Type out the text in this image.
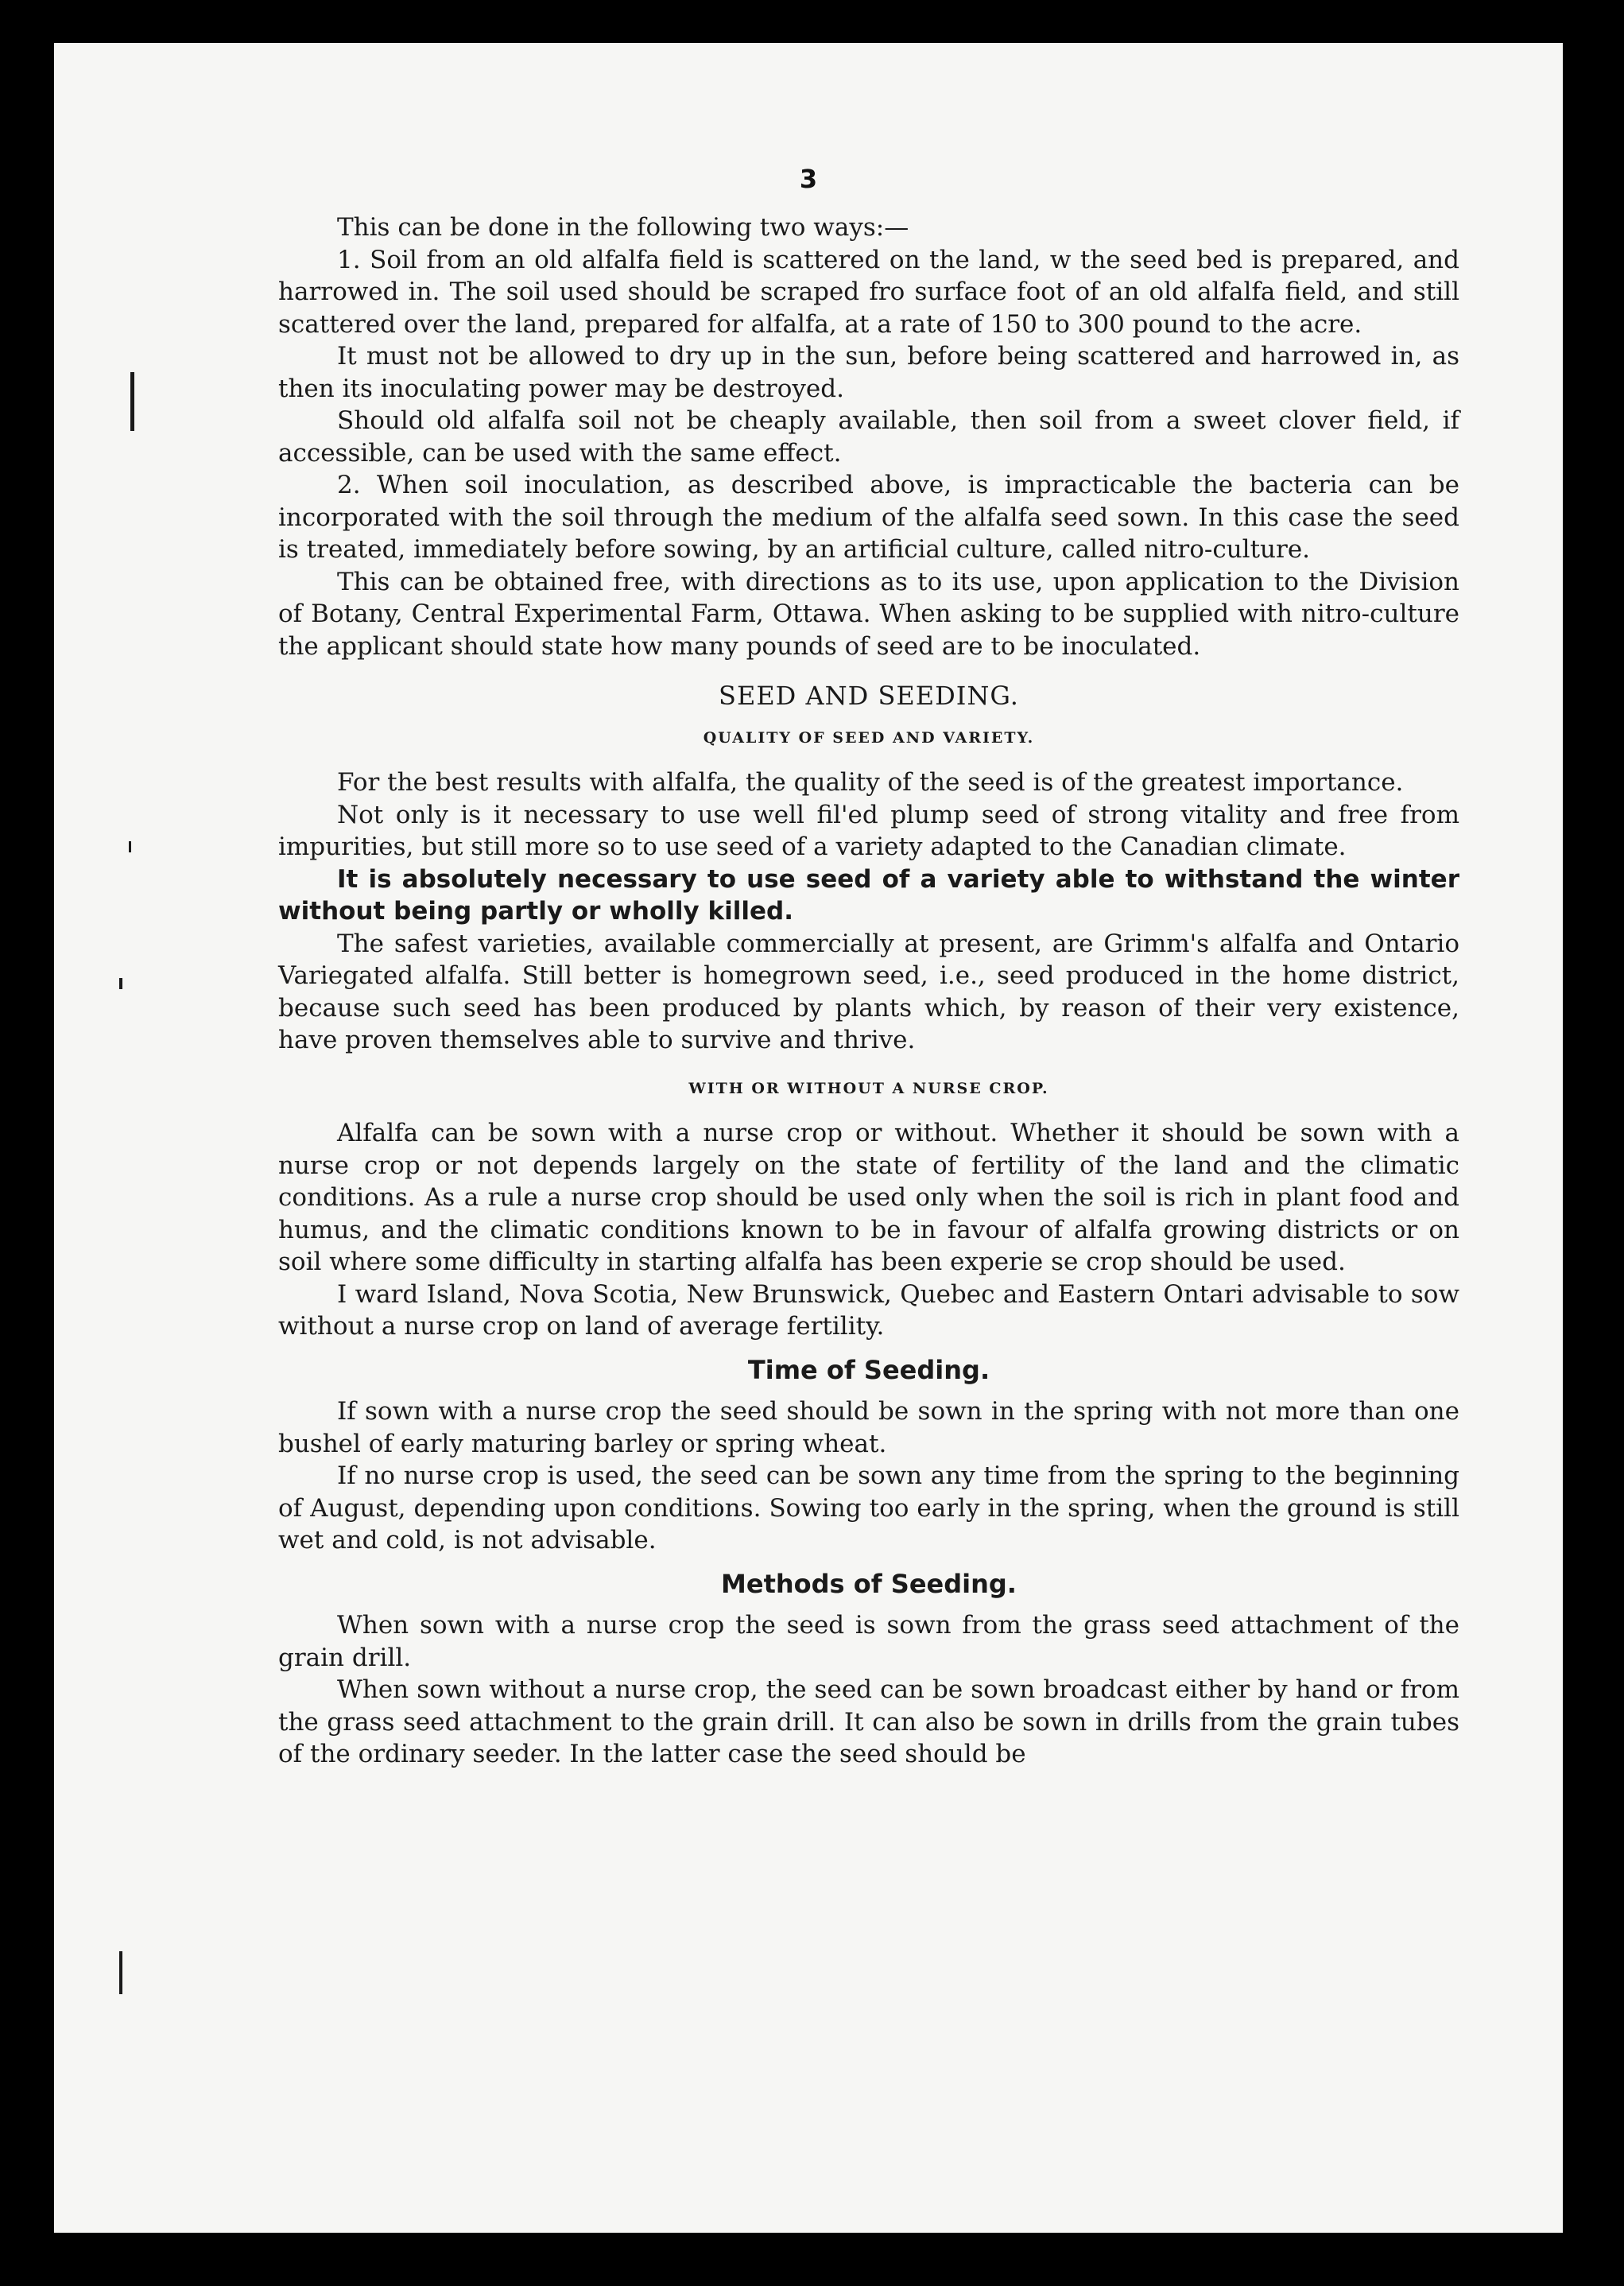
3

This can be done in the following two ways:—

1. Soil from an old alfalfa field is scattered on the land, w the seed bed is prepared, and harrowed in. The soil used should be scraped fro surface foot of an old alfalfa field, and still scattered over the land, prepared for alfalfa, at a rate of 150 to 300 pound to the acre.

It must not be allowed to dry up in the sun, before being scattered and harrowed in, as then its inoculating power may be destroyed.

Should old alfalfa soil not be cheaply available, then soil from a sweet clover field, if accessible, can be used with the same effect.

2. When soil inoculation, as described above, is impracticable the bacteria can be incorporated with the soil through the medium of the alfalfa seed sown. In this case the seed is treated, immediately before sowing, by an artificial culture, called nitro-culture.

This can be obtained free, with directions as to its use, upon application to the Division of Botany, Central Experimental Farm, Ottawa. When asking to be supplied with nitro-culture the applicant should state how many pounds of seed are to be inoculated.

SEED AND SEEDING.
QUALITY OF SEED AND VARIETY.

For the best results with alfalfa, the quality of the seed is of the greatest importance.

Not only is it necessary to use well fil'ed plump seed of strong vitality and free from impurities, but still more so to use seed of a variety adapted to the Canadian climate.

It is absolutely necessary to use seed of a variety able to withstand the winter without being partly or wholly killed.

The safest varieties, available commercially at present, are Grimm's alfalfa and Ontario Variegated alfalfa. Still better is homegrown seed, i.e., seed produced in the home district, because such seed has been produced by plants which, by reason of their very existence, have proven themselves able to survive and thrive.

WITH OR WITHOUT A NURSE CROP.

Alfalfa can be sown with a nurse crop or without. Whether it should be sown with a nurse crop or not depends largely on the state of fertility of the land and the climatic conditions. As a rule a nurse crop should be used only when the soil is rich in plant food and humus, and the climatic conditions known to be in favour of alfalfa growing districts or on soil where some difficulty in starting alfalfa has been experie se crop should be used.

I ward Island, Nova Scotia, New Brunswick, Quebec and Eastern Ontari advisable to sow without a nurse crop on land of average fertility.

Time of Seeding.

If sown with a nurse crop the seed should be sown in the spring with not more than one bushel of early maturing barley or spring wheat.

If no nurse crop is used, the seed can be sown any time from the spring to the beginning of August, depending upon conditions. Sowing too early in the spring, when the ground is still wet and cold, is not advisable.

Methods of Seeding.

When sown with a nurse crop the seed is sown from the grass seed attachment of the grain drill.

When sown without a nurse crop, the seed can be sown broadcast either by hand or from the grass seed attachment to the grain drill. It can also be sown in drills from the grain tubes of the ordinary seeder. In the latter case the seed should be
